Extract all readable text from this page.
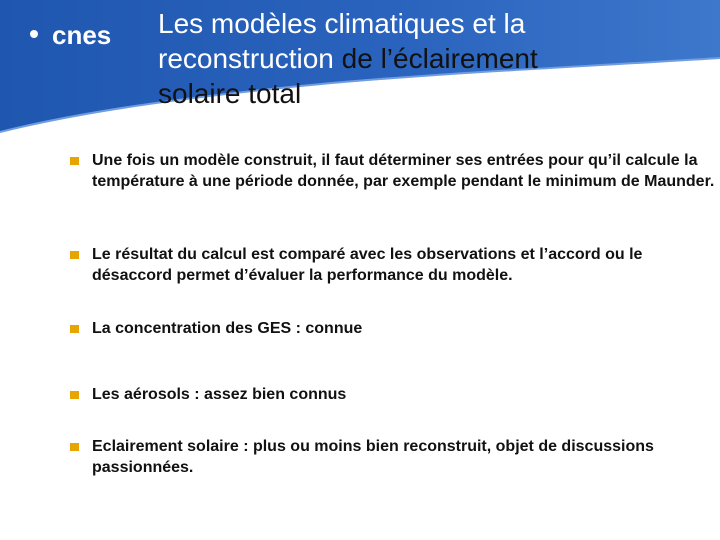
cnes Les modèles climatiques et la
reconstruction de l’éclairement
solaire total
Une fois un modèle construit, il faut déterminer ses entrées pour qu’il calcule la température à une période donnée, par exemple pendant le minimum de Maunder.
Le résultat du calcul est comparé avec les observations et l’accord ou le désaccord permet d’évaluer la performance du modèle.
La concentration des GES : connue
Les aérosols : assez bien connus
Eclairement solaire : plus ou moins bien reconstruit, objet de discussions passionnées.
